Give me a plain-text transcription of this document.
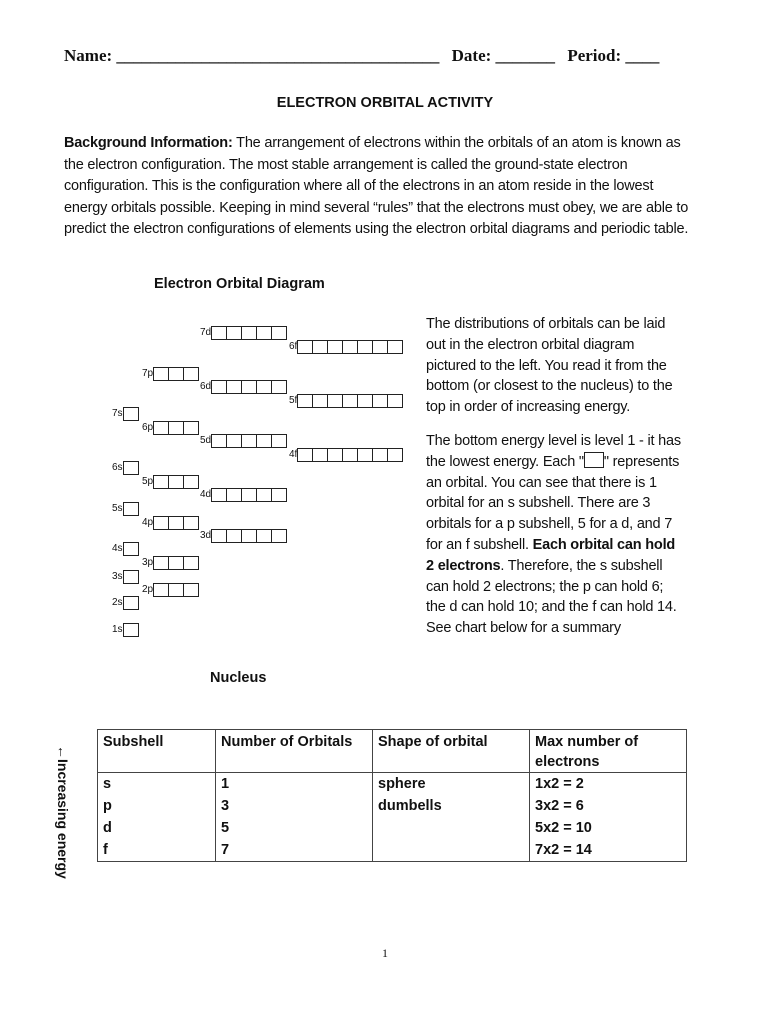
Name: ______________________________________ Date: _______ Period: ____
ELECTRON ORBITAL ACTIVITY
Background Information: The arrangement of electrons within the orbitals of an atom is known as the electron configuration. The most stable arrangement is called the ground-state electron configuration. This is the configuration where all of the electrons in an atom reside in the lowest energy orbitals possible. Keeping in mind several “rules” that the electrons must obey, we are able to predict the electron configurations of elements using the electron orbital diagrams and periodic table.
Electron Orbital Diagram
←Increasing energy
7d
6f
7p
6d
5f
7s
6p
5d
4f
6s
5p
4d
5s
4p
3d
4s
3p
3s
2p
2s
1s
Nucleus
The distributions of orbitals can be laid out in the electron orbital diagram pictured to the left. You read it from the bottom (or closest to the nucleus) to the top in order of increasing energy.
The bottom energy level is level 1 - it has the lowest energy. Each " " represents an orbital. You can see that there is 1 orbital for an s subshell. There are 3 orbitals for a p subshell, 5 for a d, and 7 for an f subshell. Each orbital can hold 2 electrons. Therefore, the s subshell can hold 2 electrons; the p can hold 6; the d can hold 10; and the f can hold 14. See chart below for a summary
Subshell	Number of Orbitals	Shape of orbital	Max number of electrons
s	1	sphere	1x2 = 2
p	3	dumbells	3x2 = 6
d	5		5x2 = 10
f	7		7x2 = 14
1
